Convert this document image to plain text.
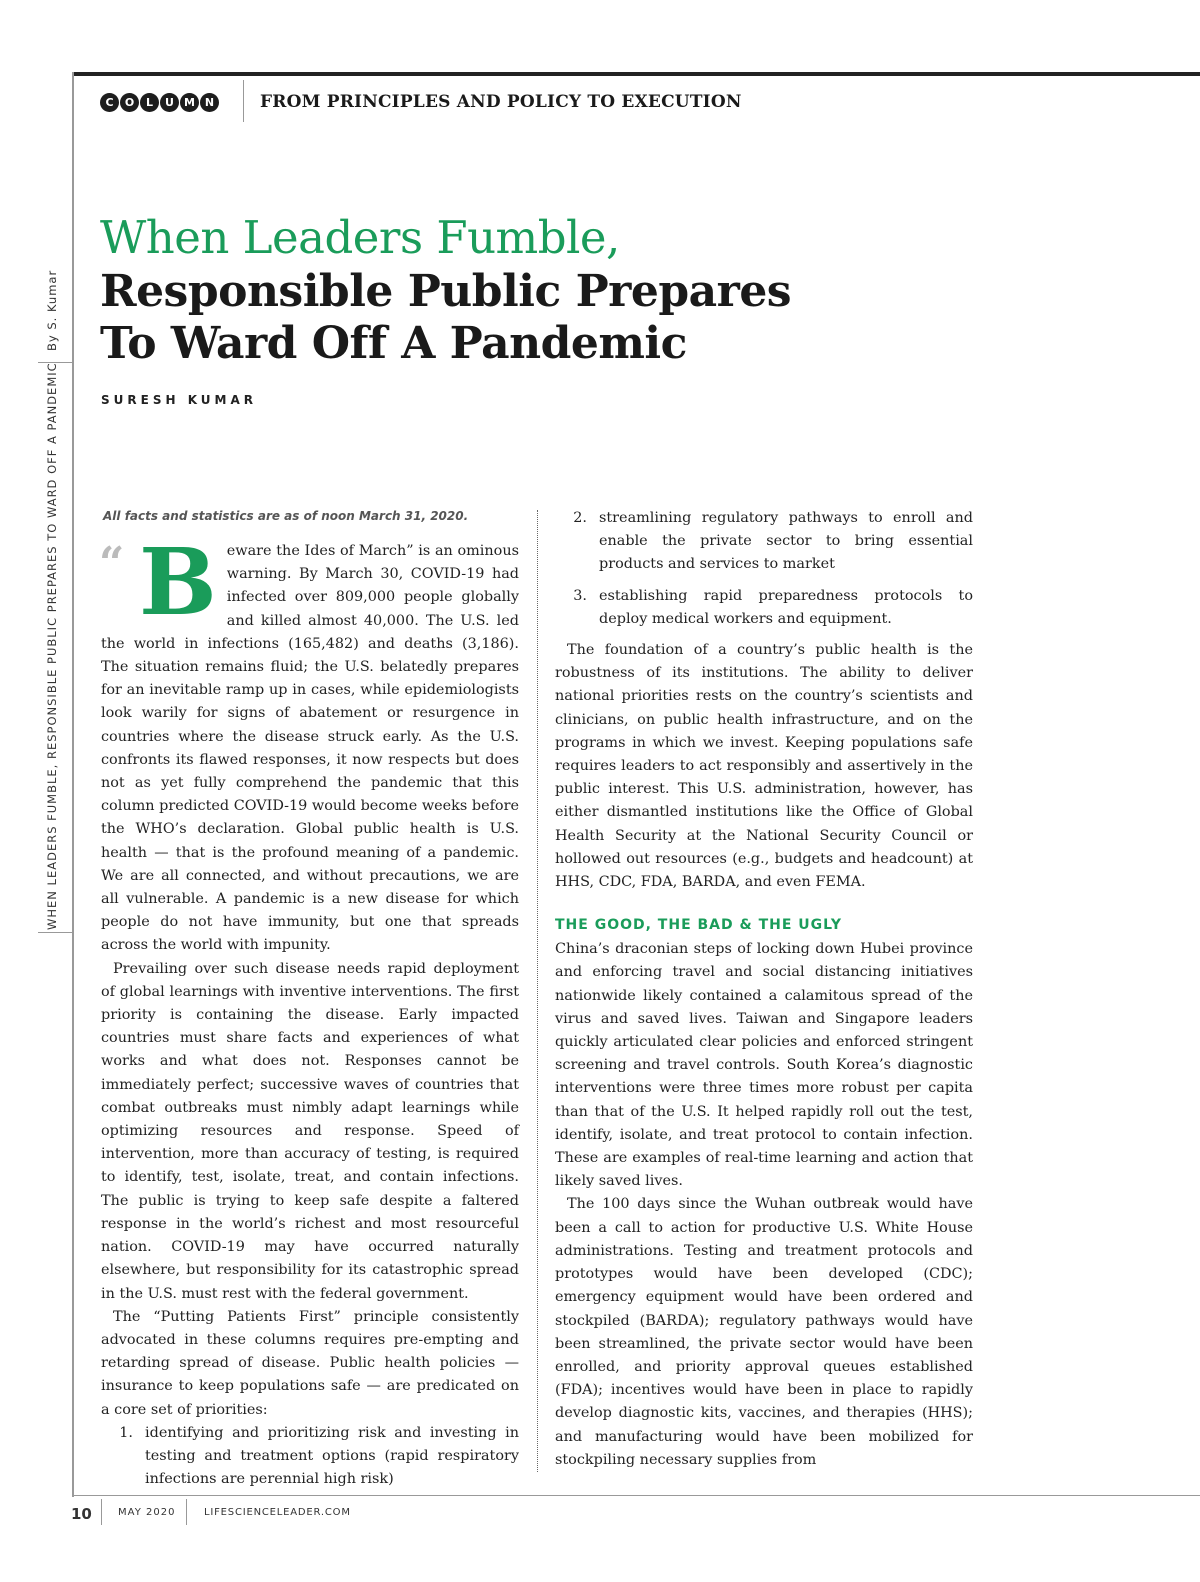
C	O	L	U M N	FROM PRINCIPLES AND POLICY TO EXECUTION
WHEN LEADERS FUMBLE, RESPONSIBLE PUBLIC PREPARES TO WARD OFF A PANDEMIC
By S. Kumar
When Leaders Fumble,
Responsible Public Prepares
To Ward Off A Pandemic
SURESH KUMAR
All facts and statistics are as of noon March 31, 2020.
“ B eware the Ides of March” is an ominous warning. By March 30, COVID-19 had infected over 809,000 people globally and killed almost 40,000. The U.S. led the world in infections (165,482) and deaths (3,186). The situation remains fluid; the U.S. belatedly prepares for an inevitable ramp up in cases, while epidemiologists look warily for signs of abatement or resurgence in countries where the disease struck early. As the U.S. confronts its flawed responses, it now respects but does not as yet fully comprehend the pandemic that this column predicted COVID-19 would become weeks before the WHO’s declaration. Global public health is U.S. health — that is the profound meaning of a pandemic. We are all connected, and without precautions, we are all vulnerable. A pandemic is a new disease for which people do not have immunity, but one that spreads across the world with impunity.

Prevailing over such disease needs rapid deployment of global learnings with inventive interventions. The first priority is containing the disease. Early impacted countries must share facts and experiences of what works and what does not. Responses cannot be immediately perfect; successive waves of countries that combat outbreaks must nimbly adapt learnings while optimizing resources and response. Speed of intervention, more than accuracy of testing, is required to identify, test, isolate, treat, and contain infections. The public is trying to keep safe despite a faltered response in the world’s richest and most resourceful nation. COVID-19 may have occurred naturally elsewhere, but responsibility for its catastrophic spread in the U.S. must rest with the federal government.

The “Putting Patients First” principle consistently advocated in these columns requires pre-empting and retarding spread of disease. Public health policies — insurance to keep populations safe — are predicated on a core set of priorities:

1. identifying and prioritizing risk and investing in testing and treatment options (rapid respiratory infections are perennial high risk)
2. streamlining regulatory pathways to enroll and enable the private sector to bring essential products and services to market
3. establishing rapid preparedness protocols to deploy medical workers and equipment.

The foundation of a country’s public health is the robustness of its institutions. The ability to deliver national priorities rests on the country’s scientists and clinicians, on public health infrastructure, and on the programs in which we invest. Keeping populations safe requires leaders to act responsibly and assertively in the public interest. This U.S. administration, however, has either dismantled institutions like the Office of Global Health Security at the National Security Council or hollowed out resources (e.g., budgets and headcount) at HHS, CDC, FDA, BARDA, and even FEMA.

THE GOOD, THE BAD & THE UGLY

China’s draconian steps of locking down Hubei province and enforcing travel and social distancing initiatives nationwide likely contained a calamitous spread of the virus and saved lives. Taiwan and Singapore leaders quickly articulated clear policies and enforced stringent screening and travel controls. South Korea’s diagnostic interventions were three times more robust per capita than that of the U.S. It helped rapidly roll out the test, identify, isolate, and treat protocol to contain infection. These are examples of real-time learning and action that likely saved lives.

The 100 days since the Wuhan outbreak would have been a call to action for productive U.S. White House administrations. Testing and treatment protocols and prototypes would have been developed (CDC); emergency equipment would have been ordered and stockpiled (BARDA); regulatory pathways would have been streamlined, the private sector would have been enrolled, and priority approval queues established (FDA); incentives would have been in place to rapidly develop diagnostic kits, vaccines, and therapies (HHS); and manufacturing would have been mobilized for stockpiling necessary supplies from

10	MAY 2020	LIFESCIENCELEADER.COM
